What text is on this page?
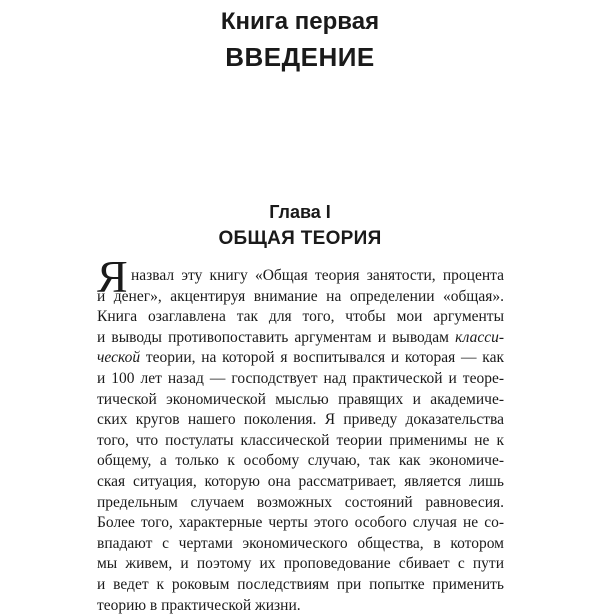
Книга первая
ВВЕДЕНИЕ
Глава I
ОБЩАЯ ТЕОРИЯ
Я назвал эту книгу «Общая теория занятости, процента
и денег», акцентируя внимание на определении «общая».
Книга озаглавлена так для того, чтобы мои аргументы
и выводы противопоставить аргументам и выводам класси-
ческой теории, на которой я воспитывался и которая — как
и 100 лет назад — господствует над практической и теоре-
тической экономической мыслью правящих и академиче-
ских кругов нашего поколения. Я приведу доказательства
того, что постулаты классической теории применимы не к
общему, а только к особому случаю, так как экономиче-
ская ситуация, которую она рассматривает, является лишь
предельным случаем возможных состояний равновесия.
Более того, характерные черты этого особого случая не со-
впадают с чертами экономического общества, в котором
мы живем, и поэтому их проповедование сбивает с пути
и ведет к роковым последствиям при попытке применить
теорию в практической жизни.
